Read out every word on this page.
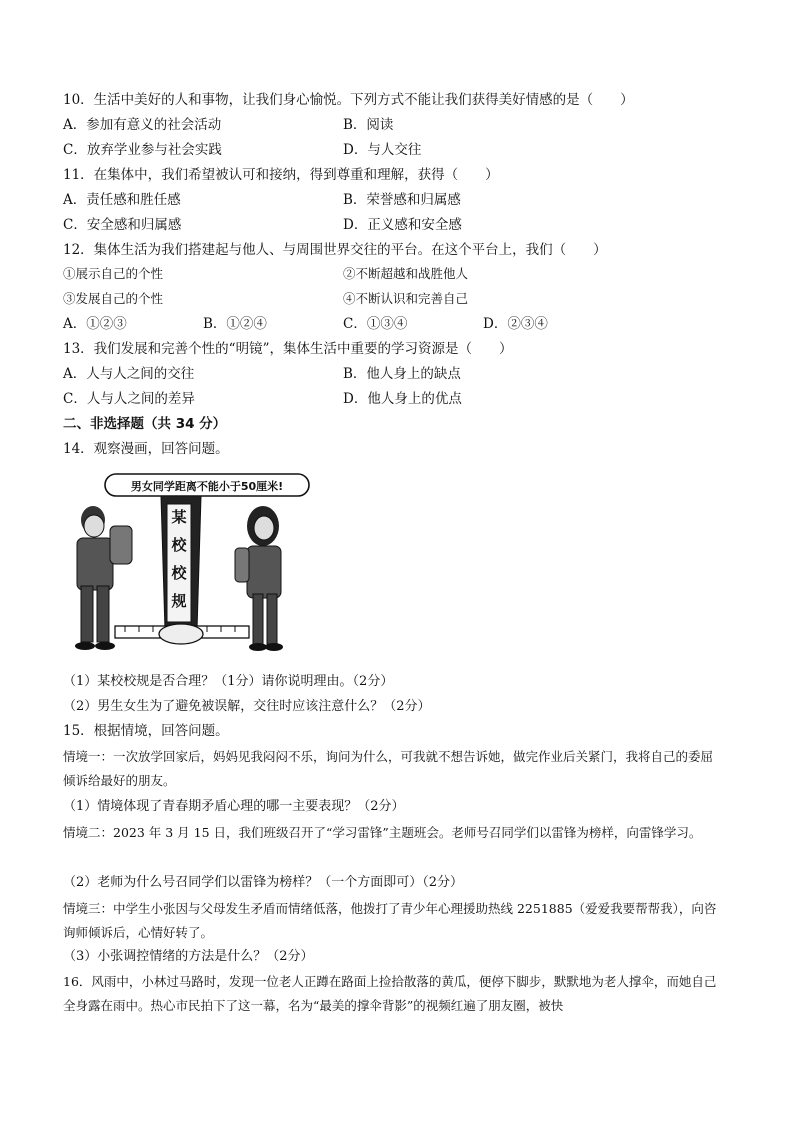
10．生活中美好的人和事物，让我们身心愉悦。下列方式不能让我们获得美好情感的是（　　）
A．参加有意义的社会活动	B．阅读
C．放弃学业参与社会实践	D．与人交往
11．在集体中，我们希望被认可和接纳，得到尊重和理解，获得（　　）
A．责任感和胜任感	B．荣誉感和归属感
C．安全感和归属感	D．正义感和安全感
12．集体生活为我们搭建起与他人、与周围世界交往的平台。在这个平台上，我们（　　）
①展示自己的个性	②不断超越和战胜他人
③发展自己的个性	④不断认识和完善自己
A．①②③	B．①②④	C．①③④	D．②③④
13．我们发展和完善个性的“明镜”，集体生活中重要的学习资源是（　　）
A．人与人之间的交往	B．他人身上的缺点
C．人与人之间的差异	D．他人身上的优点
二、非选择题（共 34 分）
14．观察漫画，回答问题。
男女同学距离不能小于50厘米!
某
校
校
规
（1）某校校规是否合理？（1分）请你说明理由。（2分）
（2）男生女生为了避免被误解，交往时应该注意什么？（2分）
15．根据情境，回答问题。
情境一：一次放学回家后，妈妈见我闷闷不乐，询问为什么，可我就不想告诉她，做完作业后关紧门，我将自己的委屈倾诉给最好的朋友。
（1）情境体现了青春期矛盾心理的哪一主要表现？（2分）
情境二：2023 年 3 月 15 日，我们班级召开了“学习雷锋”主题班会。老师号召同学们以雷锋为榜样，向雷锋学习。
（2）老师为什么号召同学们以雷锋为榜样？（一个方面即可）（2分）
情境三：中学生小张因与父母发生矛盾而情绪低落，他拨打了青少年心理援助热线 2251885（爱爱我要帮帮我），向咨询师倾诉后，心情好转了。
（3）小张调控情绪的方法是什么？（2分）
16．风雨中，小林过马路时，发现一位老人正蹲在路面上捡拾散落的黄瓜，便停下脚步，默默地为老人撑伞，而她自己全身露在雨中。热心市民拍下了这一幕，名为“最美的撑伞背影”的视频红遍了朋友圈，被快
